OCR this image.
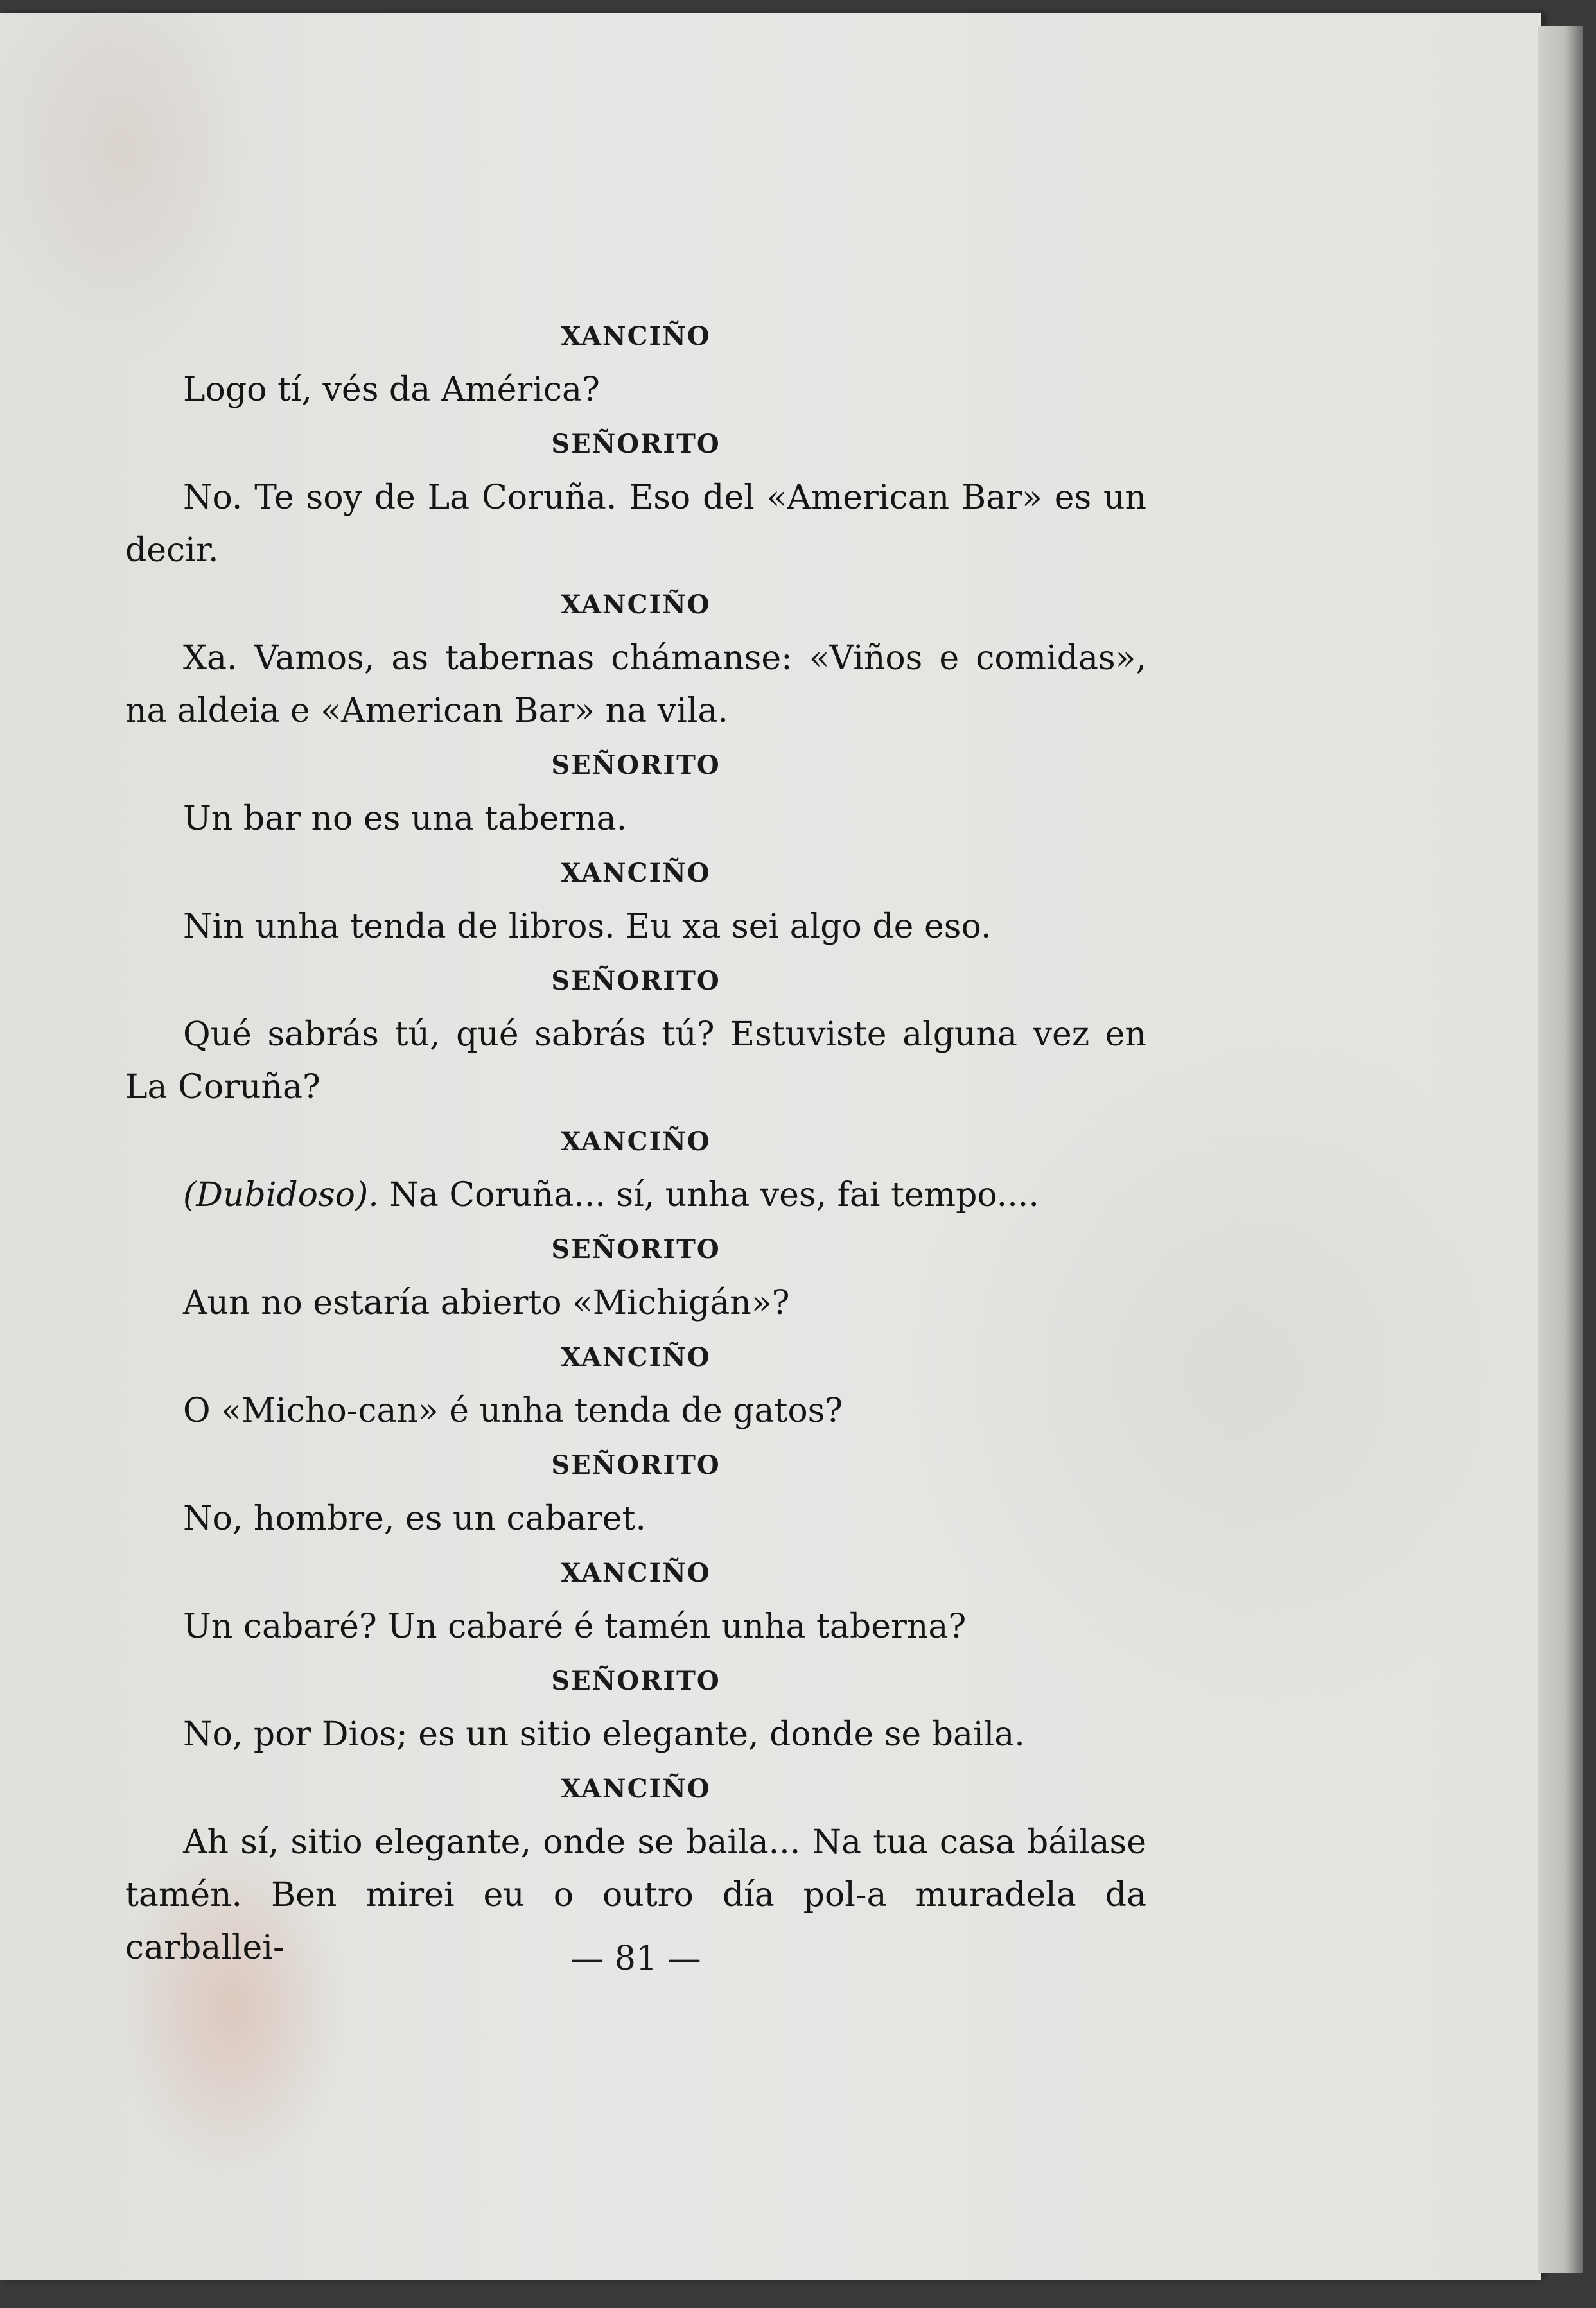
XANCIÑO

Logo tí, vés da América?

SEÑORITO

No. Te soy de La Coruña. Eso del «American Bar» es un decir.

XANCIÑO

Xa. Vamos, as tabernas chámanse: «Viños e comidas», na aldeia e «American Bar» na vila.

SEÑORITO

Un bar no es una taberna.

XANCIÑO

Nin unha tenda de libros. Eu xa sei algo de eso.

SEÑORITO

Qué sabrás tú, qué sabrás tú? Estuviste alguna vez en La Coruña?

XANCIÑO

(Dubidoso). Na Coruña... sí, unha ves, fai tempo....

SEÑORITO

Aun no estaría abierto «Michigán»?

XANCIÑO

O «Micho-can» é unha tenda de gatos?

SEÑORITO

No, hombre, es un cabaret.

XANCIÑO

Un cabaré? Un cabaré é tamén unha taberna?

SEÑORITO

No, por Dios; es un sitio elegante, donde se baila.

XANCIÑO

Ah sí, sitio elegante, onde se baila... Na tua casa báilase tamén. Ben mirei eu o outro día pol-a muradela da carballei-	— 81 —
